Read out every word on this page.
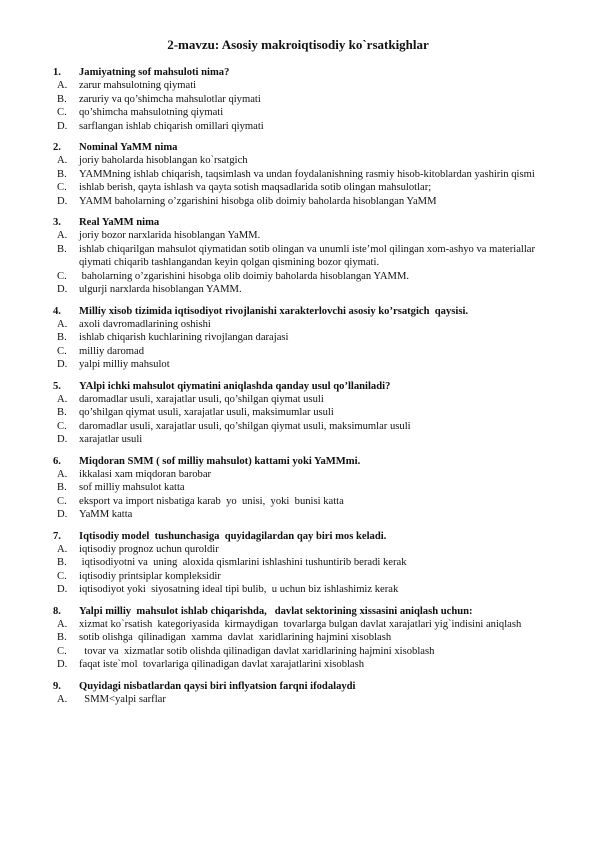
2-mavzu: Asosiy makroiqtisodiy ko`rsatkighlar
1.	Jamiyatning sof mahsuloti nima?
A.	zarur mahsulotning qiymati
B.	zaruriy va qo’shimcha mahsulotlar qiymati
C.	qo’shimcha mahsulotning qiymati
D.	sarflangan ishlab chiqarish omillari qiymati
2.	Nominal YaMM nima
A.	joriy baholarda hisoblangan ko`rsatgich
B.	YAMMning ishlab chiqarish, taqsimlash va undan foydalanishning rasmiy hisob-kitoblardan yashirin qismi
C.	ishlab berish, qayta ishlash va qayta sotish maqsadlarida sotib olingan mahsulotlar;
D.	YAMM baholarning o’zgarishini hisobga olib doimiy baholarda hisoblangan YaMM
3.	Real YaMM nima
A.	joriy bozor narxlarida hisoblangan YaMM.
B.	ishlab chiqarilgan mahsulot qiymatidan sotib olingan va unumli iste’mol qilingan xom-ashyo va materiallar qiymati chiqarib tashlangandan keyin qolgan qismining bozor qiymati.
C.	baholarning o’zgarishini hisobga olib doimiy baholarda hisoblangan YAMM.
D.	ulgurji narxlarda hisoblangan YAMM.
4.	Milliy xisob tizimida iqtisodiyot rivojlanishi xarakterlovchi asosiy ko’rsatgich  qaysisi.
A.	axoli davromadlarining oshishi
B.	ishlab chiqarish kuchlarining rivojlangan darajasi
C.	milliy daromad
D.	yalpi milliy mahsulot
5.	YAlpi ichki mahsulot qiymatini aniqlashda qanday usul qo’llaniladi?
A.	daromadlar usuli, xarajatlar usuli, qo’shilgan qiymat usuli
B.	qo’shilgan qiymat usuli, xarajatlar usuli, maksimumlar usuli
C.	daromadlar usuli, xarajatlar usuli, qo’shilgan qiymat usuli, maksimumlar usuli
D.	xarajatlar usuli
6.	Miqdoran SMM ( sof milliy mahsulot) kattami yoki YaMMmi.
A.	ikkalasi xam miqdoran barobar
B.	sof milliy mahsulot katta
C.	eksport va import nisbatiga karab  yo  unisi,  yoki  bunisi katta
D.	YaMM katta
7.	Iqtisodiy model  tushunchasiga  quyidagilardan qay biri mos keladi.
A.	iqtisodiy prognoz uchun quroldir
B.	iqtisodiyotni va  uning  aloxida qismlarini ishlashini tushuntirib beradi kerak
C.	iqtisodiy printsiplar kompleksidir
D.	iqtisodiyot yoki  siyosatning ideal tipi bulib,  u uchun biz ishlashimiz kerak
8.	Yalpi milliy  mahsulot ishlab chiqarishda,   davlat sektorining xissasini aniqlash uchun:
A.	xizmat ko`rsatish  kategoriyasida  kirmaydigan  tovarlarga bulgan davlat xarajatlari yig`indisini aniqlash
B.	sotib olishga  qilinadigan  xamma  davlat  xaridlarining hajmini xisoblash
C.	tovar va  xizmatlar sotib olishda qilinadigan davlat xaridlarining hajmini xisoblash
D.	faqat iste`mol  tovarlariga qilinadigan davlat xarajatlarini xisoblash
9.	Quyidagi nisbatlardan qaysi biri inflyatsion farqni ifodalaydi
A.	SMM<yalpi sarflar
